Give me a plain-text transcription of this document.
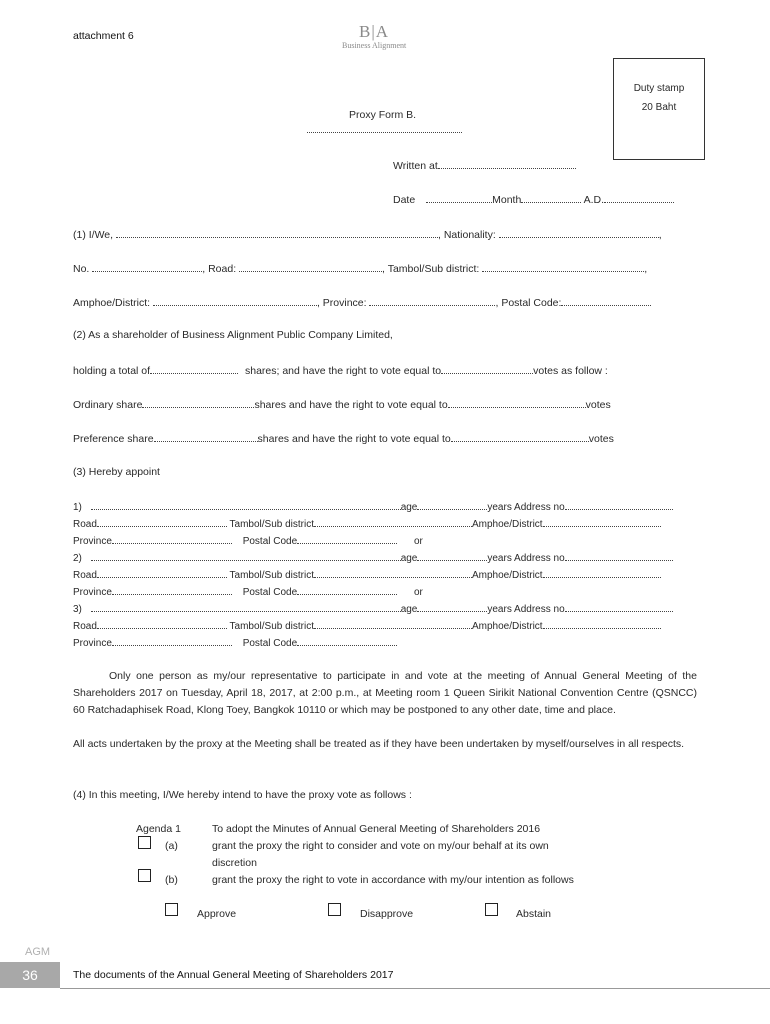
attachment 6	B|A
Business Alignment
Duty stamp
20 Baht
Proxy Form B.
Written at
Date	Month	A.D.
(1) I/We,	, Nationality:	,
No.	, Road:	, Tambol/Sub district:	,
Amphoe/District:	, Province:	, Postal Code:
(2) As a shareholder of Business Alignment Public Company Limited,
holding a total of	shares; and have the right to vote equal to	votes as follow :
Ordinary share	shares and have the right to vote equal to	votes
Preference share	shares and have the right to vote equal to	votes
(3) Hereby appoint
1)	age	years Address no
Road	Tambol/Sub district	Amphoe/District
Province	Postal Code	or
2)	age	years Address no
Road	Tambol/Sub district	Amphoe/District
Province	Postal Code	or
3)	age	years Address no
Road	Tambol/Sub district	Amphoe/District
Province	Postal Code
Only one person as my/our representative to participate in and vote at the meeting of Annual General Meeting of the Shareholders 2017 on Tuesday, April 18, 2017, at 2:00 p.m., at Meeting room 1 Queen Sirikit National Convention Centre (QSNCC) 60 Ratchadaphisek Road, Klong Toey, Bangkok 10110 or which may be postponed to any other date, time and place.
All acts undertaken by the proxy at the Meeting shall be treated as if they have been undertaken by myself/ourselves in all respects.
(4) In this meeting, I/We hereby intend to have the proxy vote as follows :
Agenda 1	To adopt the Minutes of Annual General Meeting of Shareholders 2016
(a)	grant the proxy the right to consider and vote on my/our behalf at its own
discretion
(b)	grant the proxy the right to vote in accordance with my/our intention as follows
Approve	Disapprove	Abstain
AGM
36	The documents of the Annual General Meeting of Shareholders 2017
